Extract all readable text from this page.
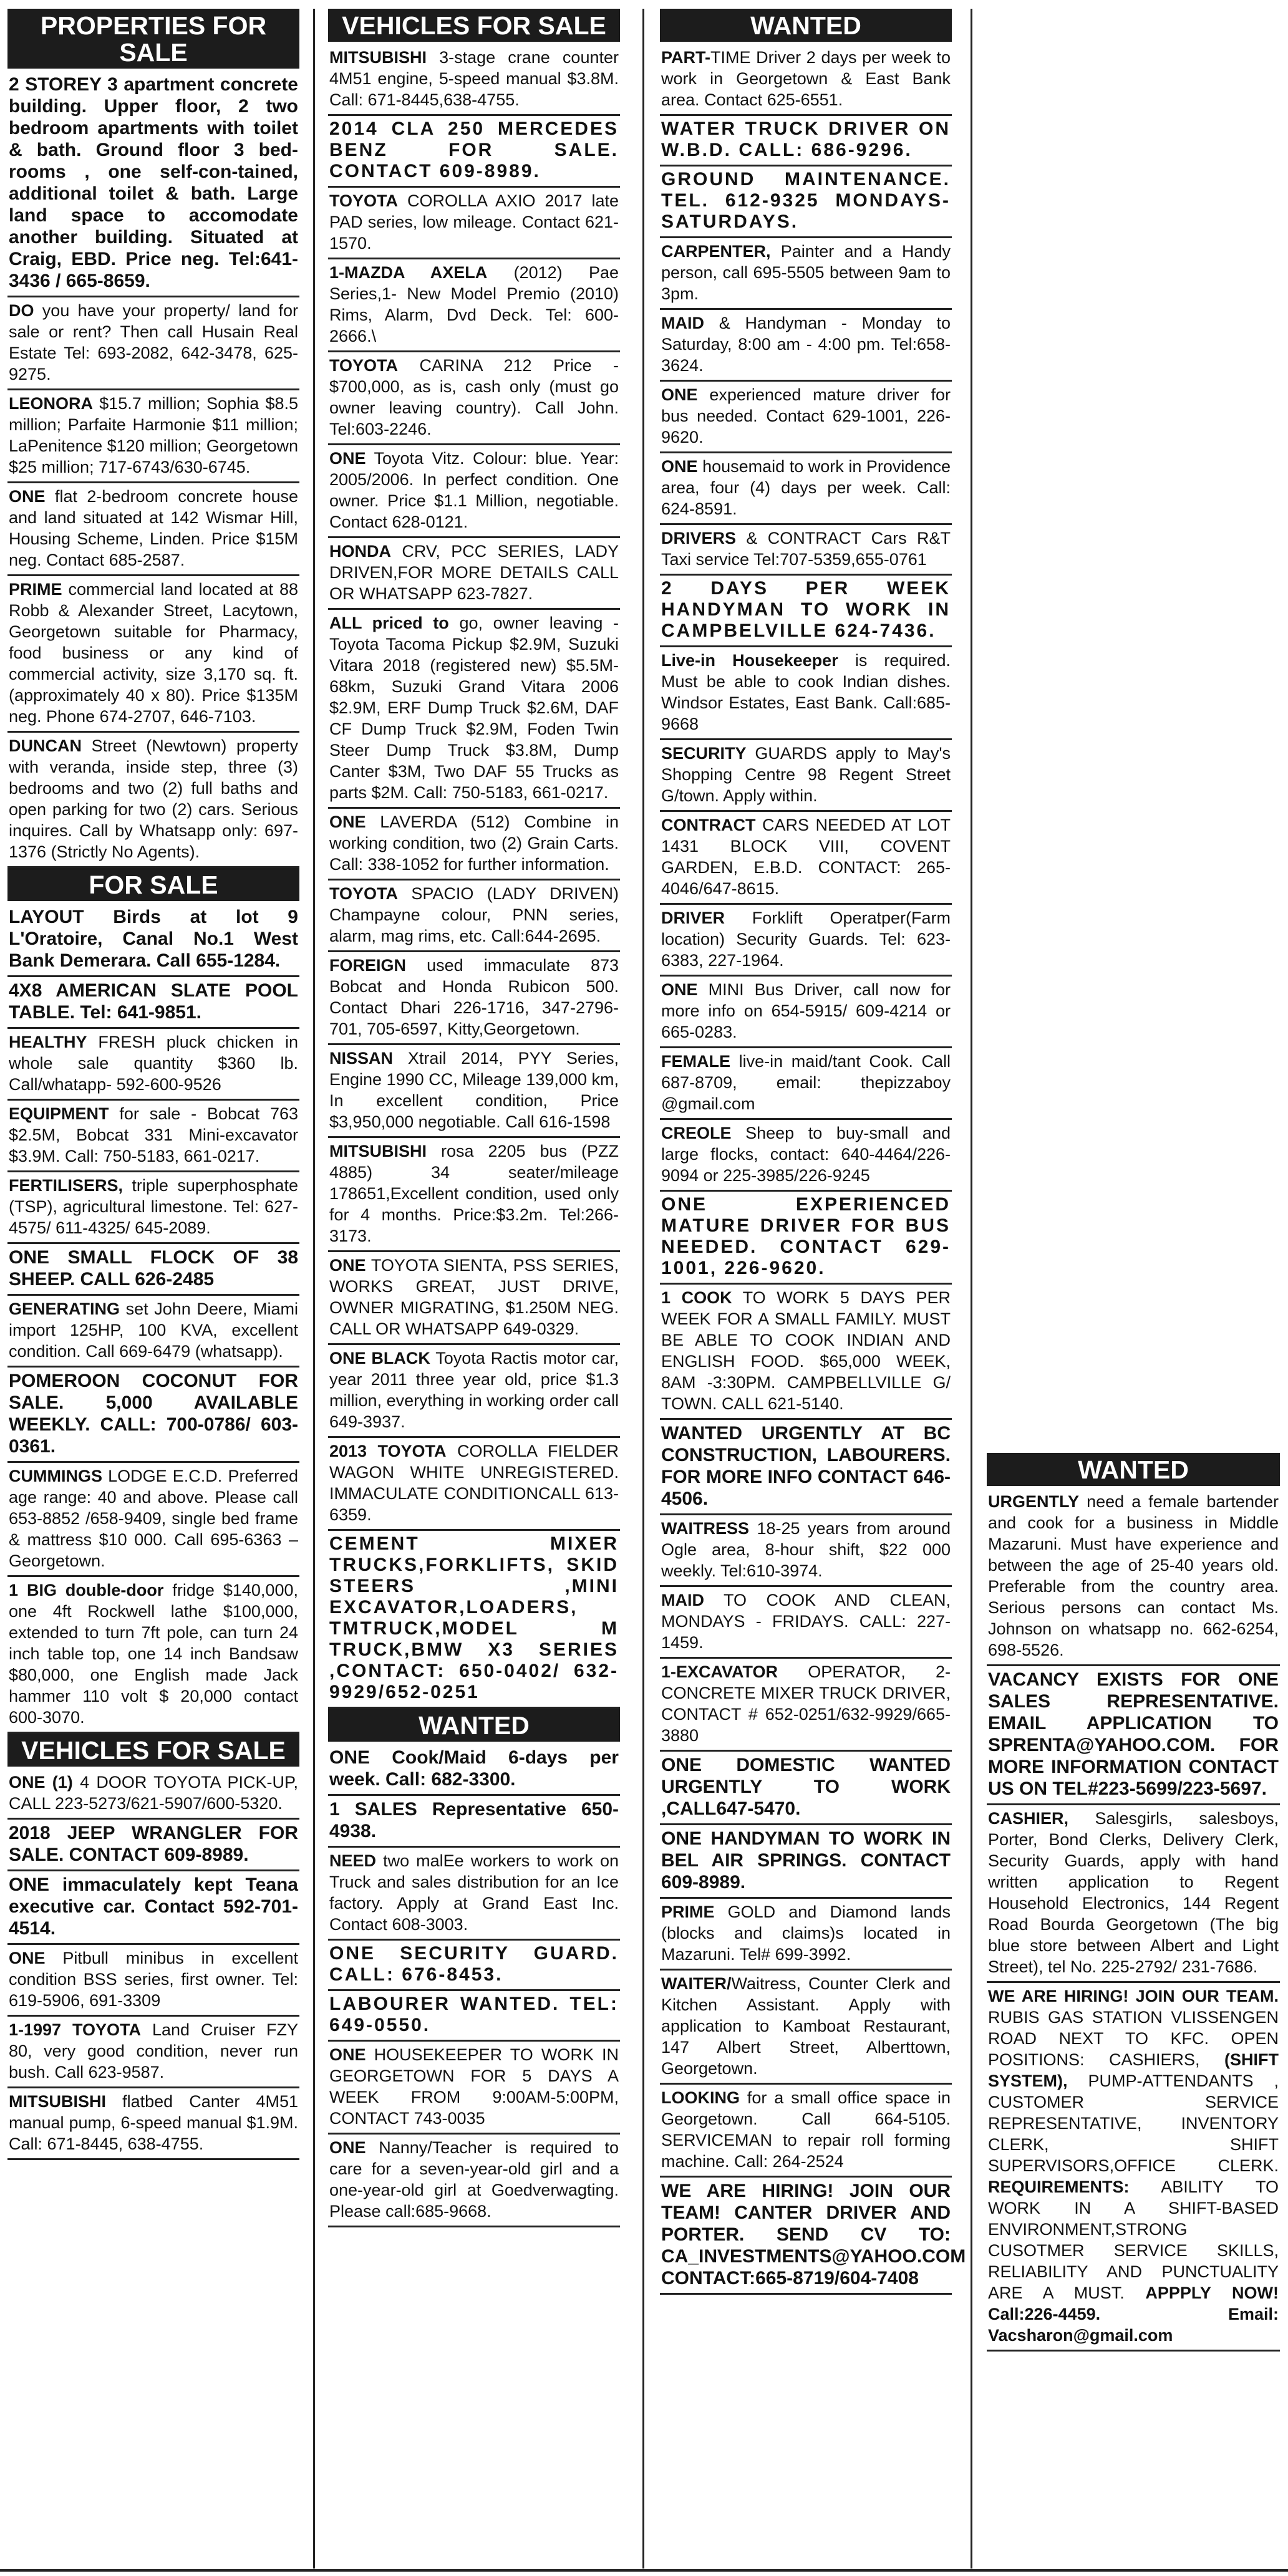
PROPERTIES FOR SALE

2 STOREY 3 apartment concrete building. Upper floor, 2 two bedroom apartments with toilet & bath. Ground floor 3 bed-rooms , one self-con-tained, additional toilet & bath. Large land space to accomodate another building. Situated at Craig, EBD. Price neg. Tel:641-3436 / 665-8659.

DO you have your property/ land for sale or rent? Then call Husain Real Estate Tel: 693-2082, 642-3478, 625-9275.

LEONORA $15.7 million; Sophia $8.5 million; Parfaite Harmonie $11 million; LaPenitence $120 million; Georgetown $25 million; 717-6743/630-6745.

ONE flat 2-bedroom concrete house and land situated at 142 Wismar Hill, Housing Scheme, Linden. Price $15M neg. Contact 685-2587.

PRIME commercial land located at 88 Robb & Alexander Street, Lacytown, Georgetown suitable for Pharmacy, food business or any kind of commercial activity, size 3,170 sq. ft. (approximately 40 x 80). Price $135M neg. Phone 674-2707, 646-7103.

DUNCAN Street (Newtown) property with veranda, inside step, three (3) bedrooms and two (2) full baths and open parking for two (2) cars. Serious inquires. Call by Whatsapp only: 697-1376 (Strictly No Agents).

FOR SALE

LAYOUT Birds at lot 9 L'Oratoire, Canal No.1 West Bank Demerara. Call 655-1284.

4X8 AMERICAN SLATE POOL TABLE. Tel: 641-9851.

HEALTHY FRESH pluck chicken in whole sale quantity $360 lb. Call/whatapp- 592-600-9526

EQUIPMENT for sale - Bobcat 763 $2.5M, Bobcat 331 Mini-excavator $3.9M. Call: 750-5183, 661-0217.

FERTILISERS, triple superphosphate (TSP), agricultural limestone. Tel: 627-4575/ 611-4325/ 645-2089.

ONE SMALL FLOCK OF 38 SHEEP. CALL 626-2485

GENERATING set John Deere, Miami import 125HP, 100 KVA, excellent condition. Call 669-6479 (whatsapp).

POMEROON COCONUT FOR SALE. 5,000 AVAILABLE WEEKLY. CALL: 700-0786/ 603-0361.

CUMMINGS LODGE E.C.D. Preferred age range: 40 and above. Please call 653-8852 /658-9409, single bed frame & mattress $10 000. Call 695-6363 – Georgetown.

1 BIG double-door fridge $140,000, one 4ft Rockwell lathe $100,000, extended to turn 7ft pole, can turn 24 inch table top, one 14 inch Bandsaw $80,000, one English made Jack hammer 110 volt $ 20,000 contact 600-3070.

VEHICLES FOR SALE

ONE (1) 4 DOOR TOYOTA PICK-UP, CALL 223-5273/621-5907/600-5320.

2018 JEEP WRANGLER FOR SALE. CONTACT 609-8989.

ONE immaculately kept Teana executive car. Contact 592-701-4514.

ONE Pitbull minibus in excellent condition BSS series, first owner. Tel: 619-5906, 691-3309

1-1997 TOYOTA Land Cruiser FZY 80, very good condition, never run bush. Call 623-9587.

MITSUBISHI flatbed Canter 4M51 manual pump, 6-speed manual $1.9M. Call: 671-8445, 638-4755.

VEHICLES FOR SALE

MITSUBISHI 3-stage crane counter 4M51 engine, 5-speed manual $3.8M. Call: 671-8445,638-4755.

2014 CLA 250 MERCEDES BENZ FOR SALE. CONTACT 609-8989.

TOYOTA COROLLA AXIO 2017 late PAD series, low mileage. Contact 621-1570.

1-MAZDA AXELA (2012) Pae Series,1- New Model Premio (2010) Rims, Alarm, Dvd Deck. Tel: 600-2666.\

TOYOTA CARINA 212 Price - $700,000, as is, cash only (must go owner leaving country). Call John. Tel:603-2246.

ONE Toyota Vitz. Colour: blue. Year: 2005/2006. In perfect condition. One owner. Price $1.1 Million, negotiable. Contact 628-0121.

HONDA CRV, PCC SERIES, LADY DRIVEN,FOR MORE DETAILS CALL OR WHATSAPP 623-7827.

ALL priced to go, owner leaving - Toyota Tacoma Pickup $2.9M, Suzuki Vitara 2018 (registered new) $5.5M-68km, Suzuki Grand Vitara 2006 $2.9M, ERF Dump Truck $2.6M, DAF CF Dump Truck $2.9M, Foden Twin Steer Dump Truck $3.8M, Dump Canter $3M, Two DAF 55 Trucks as parts $2M. Call: 750-5183, 661-0217.

ONE LAVERDA (512) Combine in working condition, two (2) Grain Carts. Call: 338-1052 for further information.

TOYOTA SPACIO (LADY DRIVEN) Champayne colour, PNN series, alarm, mag rims, etc. Call:644-2695.

FOREIGN used immaculate 873 Bobcat and Honda Rubicon 500. Contact Dhari 226-1716, 347-2796-701, 705-6597, Kitty,Georgetown.

NISSAN Xtrail 2014, PYY Series, Engine 1990 CC, Mileage 139,000 km, In excellent condition, Price $3,950,000 negotiable. Call 616-1598

MITSUBISHI rosa 2205 bus (PZZ 4885) 34 seater/mileage 178651,Excellent condition, used only for 4 months. Price:$3.2m. Tel:266-3173.

ONE TOYOTA SIENTA, PSS SERIES, WORKS GREAT, JUST DRIVE, OWNER MIGRATING, $1.250M NEG. CALL OR WHATSAPP 649-0329.

ONE BLACK Toyota Ractis motor car, year 2011 three year old, price $1.3 million, everything in working order call 649-3937.

2013 TOYOTA COROLLA FIELDER WAGON WHITE UNREGISTERED. IMMACULATE CONDITIONCALL 613-6359.

CEMENT MIXER TRUCKS,FORKLIFTS, SKID STEERS ,MINI EXCAVATOR,LOADERS, TMTRUCK,MODEL M TRUCK,BMW X3 SERIES ,CONTACT: 650-0402/ 632-9929/652-0251

WANTED

ONE Cook/Maid 6-days per week. Call: 682-3300.

1 SALES Representative 650-4938.

NEED two malEe workers to work on Truck and sales distribution for an Ice factory. Apply at Grand East Inc. Contact 608-3003.

ONE SECURITY GUARD. CALL: 676-8453.

LABOURER WANTED. TEL: 649-0550.

ONE HOUSEKEEPER TO WORK IN GEORGETOWN FOR 5 DAYS A WEEK FROM 9:00AM-5:00PM, CONTACT 743-0035

ONE Nanny/Teacher is required to care for a seven-year-old girl and a one-year-old girl at Goedverwagting. Please call:685-9668.

WANTED

PART-TIME Driver 2 days per week to work in Georgetown & East Bank area. Contact 625-6551.

WATER TRUCK DRIVER ON W.B.D. CALL: 686-9296.

GROUND MAINTENANCE. TEL. 612-9325 MONDAYS-SATURDAYS.

CARPENTER, Painter and a Handy person, call 695-5505 between 9am to 3pm.

MAID & Handyman - Monday to Saturday, 8:00 am - 4:00 pm. Tel:658-3624.

ONE experienced mature driver for bus needed. Contact 629-1001, 226-9620.

ONE housemaid to work in Providence area, four (4) days per week. Call: 624-8591.

DRIVERS & CONTRACT Cars R&T Taxi service Tel:707-5359,655-0761

2 DAYS PER WEEK HANDYMAN TO WORK IN CAMPBELVILLE 624-7436.

Live-in Housekeeper is required. Must be able to cook Indian dishes. Windsor Estates, East Bank. Call:685-9668

SECURITY GUARDS apply to May's Shopping Centre 98 Regent Street G/town. Apply within.

CONTRACT CARS NEEDED AT LOT 1431 BLOCK VIII, COVENT GARDEN, E.B.D. CONTACT: 265-4046/647-8615.

DRIVER Forklift Operatper(Farm location) Security Guards. Tel: 623-6383, 227-1964.

ONE MINI Bus Driver, call now for more info on 654-5915/ 609-4214 or 665-0283.

FEMALE live-in maid/tant Cook. Call 687-8709, email: thepizzaboy @gmail.com

CREOLE Sheep to buy-small and large flocks, contact: 640-4464/226-9094 or 225-3985/226-9245

ONE EXPERIENCED MATURE DRIVER FOR BUS NEEDED. CONTACT 629-1001, 226-9620.

1 COOK TO WORK 5 DAYS PER WEEK FOR A SMALL FAMILY. MUST BE ABLE TO COOK INDIAN AND ENGLISH FOOD. $65,000 WEEK, 8AM -3:30PM. CAMPBELLVILLE G/ TOWN. CALL 621-5140.

WANTED URGENTLY AT BC CONSTRUCTION, LABOURERS. FOR MORE INFO CONTACT 646-4506.

WAITRESS 18-25 years from around Ogle area, 8-hour shift, $22 000 weekly. Tel:610-3974.

MAID TO COOK AND CLEAN, MONDAYS - FRIDAYS. CALL: 227-1459.

1-EXCAVATOR OPERATOR, 2- CONCRETE MIXER TRUCK DRIVER, CONTACT # 652-0251/632-9929/665-3880

ONE DOMESTIC WANTED URGENTLY TO WORK ,CALL647-5470.

ONE HANDYMAN TO WORK IN BEL AIR SPRINGS. CONTACT 609-8989.

PRIME GOLD and Diamond lands (blocks and claims)s located in Mazaruni. Tel# 699-3992.

WAITER/Waitress, Counter Clerk and Kitchen Assistant. Apply with application to Kamboat Restaurant, 147 Albert Street, Alberttown, Georgetown.

LOOKING for a small office space in Georgetown. Call 664-5105. SERVICEMAN to repair roll forming machine. Call: 264-2524

WE ARE HIRING! JOIN OUR TEAM! CANTER DRIVER AND PORTER. SEND CV TO: CA_INVESTMENTS@YAHOO.COM CONTACT:665-8719/604-7408

WANTED

URGENTLY need a female bartender and cook for a business in Middle Mazaruni. Must have experience and between the age of 25-40 years old. Preferable from the country area. Serious persons can contact Ms. Johnson on whatsapp no. 662-6254, 698-5526.

VACANCY EXISTS FOR ONE SALES REPRESENTATIVE. EMAIL APPLICATION TO SPRENTA@YAHOO.COM. FOR MORE INFORMATION CONTACT US ON TEL#223-5699/223-5697.

CASHIER, Salesgirls, salesboys, Porter, Bond Clerks, Delivery Clerk, Security Guards, apply with hand written application to Regent Household Electronics, 144 Regent Road Bourda Georgetown (The big blue store between Albert and Light Street), tel No. 225-2792/ 231-7686.

WE ARE HIRING! JOIN OUR TEAM. RUBIS GAS STATION VLISSENGEN ROAD NEXT TO KFC. OPEN POSITIONS: CASHIERS, (SHIFT SYSTEM), PUMP-ATTENDANTS , CUSTOMER SERVICE REPRESENTATIVE, INVENTORY CLERK, SHIFT SUPERVISORS,OFFICE CLERK. REQUIREMENTS: ABILITY TO WORK IN A SHIFT-BASED ENVIRONMENT,STRONG CUSOTMER SERVICE SKILLS, RELIABILITY AND PUNCTUALITY ARE A MUST. APPPLY NOW! Call:226-4459. Email: Vacsharon@gmail.com
